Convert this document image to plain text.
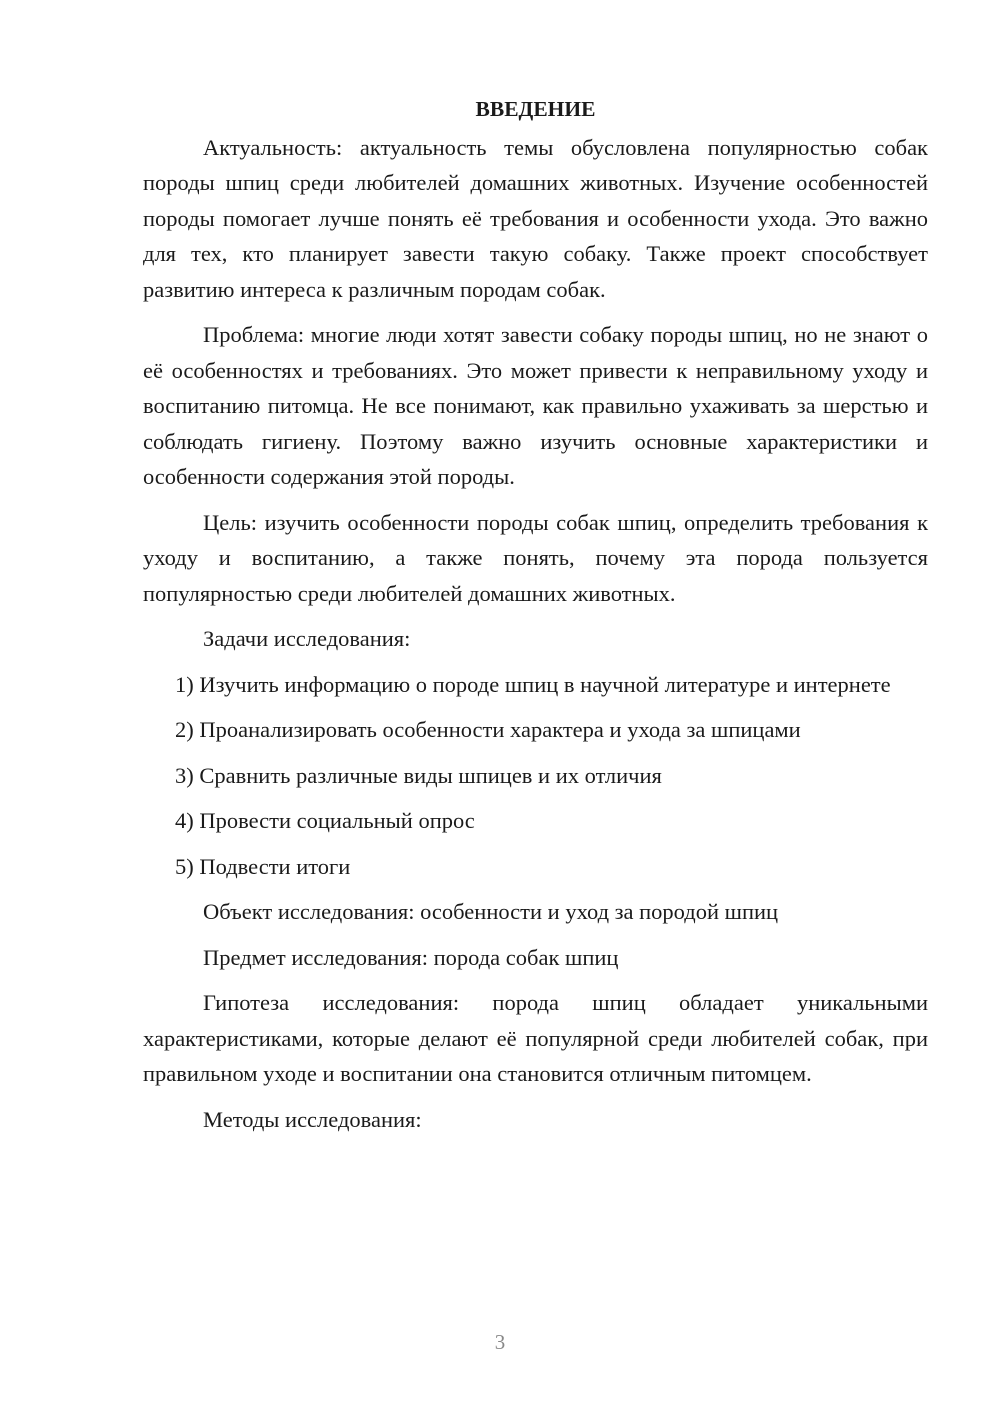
ВВЕДЕНИЕ

Актуальность: актуальность темы обусловлена популярностью собак породы шпиц среди любителей домашних животных. Изучение особенностей породы помогает лучше понять её требования и особенности ухода. Это важно для тех, кто планирует завести такую собаку. Также проект способствует развитию интереса к различным породам собак.

Проблема: многие люди хотят завести собаку породы шпиц, но не знают о её особенностях и требованиях. Это может привести к неправильному уходу и воспитанию питомца. Не все понимают, как правильно ухаживать за шерстью и соблюдать гигиену. Поэтому важно изучить основные характеристики и особенности содержания этой породы.

Цель: изучить особенности породы собак шпиц, определить требования к уходу и воспитанию, а также понять, почему эта порода пользуется популярностью среди любителей домашних животных.

Задачи исследования:

1) Изучить информацию о породе шпиц в научной литературе и интернете

2) Проанализировать особенности характера и ухода за шпицами

3) Сравнить различные виды шпицев и их отличия

4) Провести социальный опрос

5) Подвести итоги

Объект исследования: особенности и уход за породой шпиц

Предмет исследования: порода собак шпиц

Гипотеза исследования: порода шпиц обладает уникальными характеристиками, которые делают её популярной среди любителей собак, при правильном уходе и воспитании она становится отличным питомцем.

Методы исследования:

3
